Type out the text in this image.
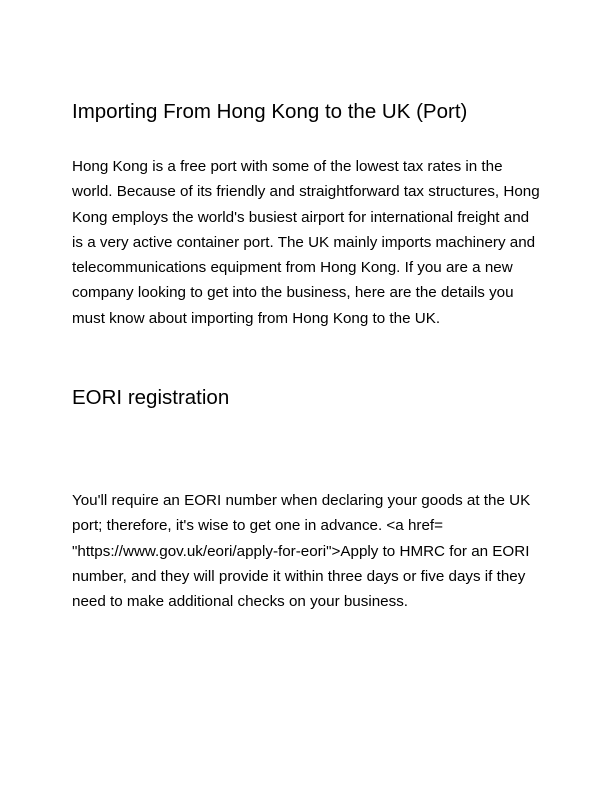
Importing From Hong Kong to the UK (Port)

Hong Kong is a free port with some of the lowest tax rates in the world. Because of its friendly and straightforward tax structures, Hong Kong employs the world's busiest airport for international freight and is a very active container port. The UK mainly imports machinery and telecommunications equipment from Hong Kong. If you are a new company looking to get into the business, here are the details you must know about importing from Hong Kong to the UK.

EORI registration

You'll require an EORI number when declaring your goods at the UK port; therefore, it's wise to get one in advance. <a href= "https://www.gov.uk/eori/apply-for-eori">Apply to HMRC for an EORI number, and they will provide it within three days or five days if they need to make additional checks on your business.
